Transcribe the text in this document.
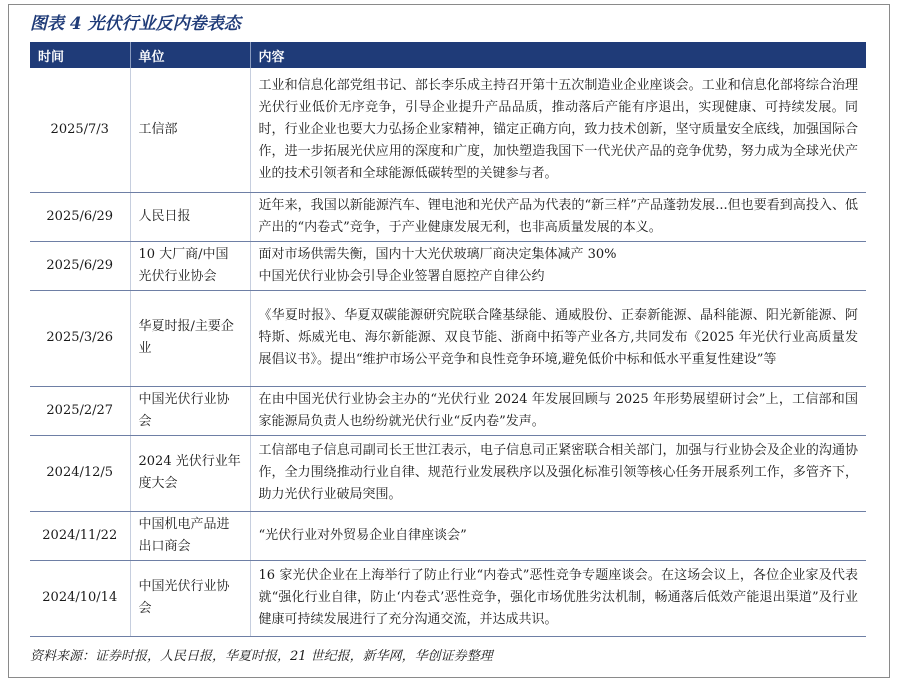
图表 4 光伏行业反内卷表态
时间	单位	内容
2025/7/3	工信部	工业和信息化部党组书记、部长李乐成主持召开第十五次制造业企业座谈会。工业和信息化部将综合治理光伏行业低价无序竞争，引导企业提升产品品质，推动落后产能有序退出，实现健康、可持续发展。同时，行业企业也要大力弘扬企业家精神，锚定正确方向，致力技术创新，坚守质量安全底线，加强国际合作，进一步拓展光伏应用的深度和广度，加快塑造我国下一代光伏产品的竞争优势，努力成为全球光伏产业的技术引领者和全球能源低碳转型的关键参与者。
2025/6/29	人民日报	近年来，我国以新能源汽车、锂电池和光伏产品为代表的“新三样”产品蓬勃发展...但也要看到高投入、低产出的“内卷式”竞争，于产业健康发展无利，也非高质量发展的本义。
2025/6/29	10 大厂商/中国光伏行业协会	面对市场供需失衡，国内十大光伏玻璃厂商决定集体减产 30%
中国光伏行业协会引导企业签署自愿控产自律公约
2025/3/26	华夏时报/主要企业	《华夏时报》、华夏双碳能源研究院联合隆基绿能、通威股份、正泰新能源、晶科能源、阳光新能源、阿特斯、烁威光电、海尔新能源、双良节能、浙商中拓等产业各方,共同发布《2025 年光伏行业高质量发展倡议书》。提出“维护市场公平竞争和良性竞争环境,避免低价中标和低水平重复性建设”等
2025/2/27	中国光伏行业协会	在由中国光伏行业协会主办的“光伏行业 2024 年发展回顾与 2025 年形势展望研讨会”上，工信部和国家能源局负责人也纷纷就光伏行业“反内卷”发声。
2024/12/5	2024 光伏行业年度大会	工信部电子信息司副司长王世江表示，电子信息司正紧密联合相关部门，加强与行业协会及企业的沟通协作，全力围绕推动行业自律、规范行业发展秩序以及强化标准引领等核心任务开展系列工作，多管齐下，助力光伏行业破局突围。
2024/11/22	中国机电产品进出口商会	“光伏行业对外贸易企业自律座谈会”
2024/10/14	中国光伏行业协会	16 家光伏企业在上海举行了防止行业“内卷式”恶性竞争专题座谈会。在这场会议上，各位企业家及代表就“强化行业自律，防止‘内卷式’恶性竞争，强化市场优胜劣汰机制，畅通落后低效产能退出渠道”及行业健康可持续发展进行了充分沟通交流，并达成共识。
资料来源：证券时报，人民日报，华夏时报，21 世纪报，新华网，华创证券整理
